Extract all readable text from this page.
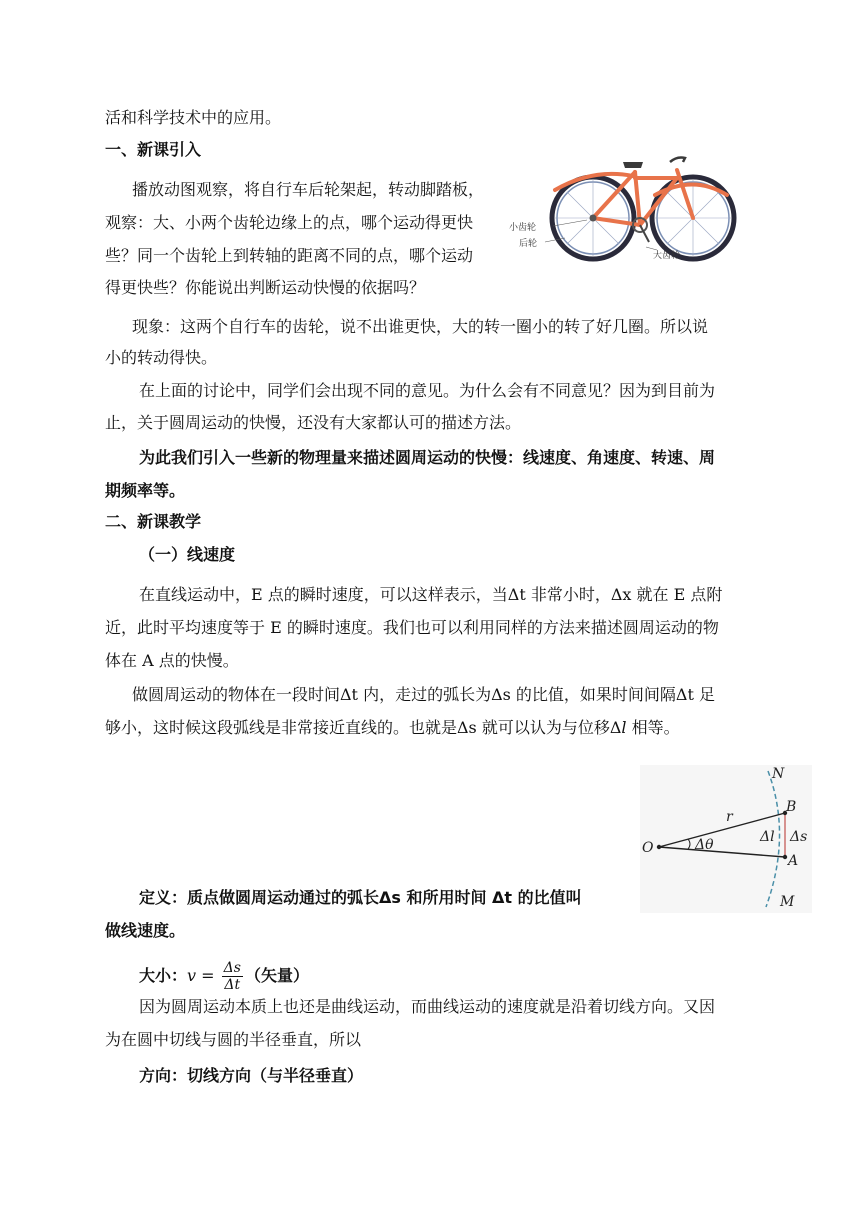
活和科学技术中的应用。
一、新课引入
播放动图观察，将自行车后轮架起，转动脚踏板，
观察：大、小两个齿轮边缘上的点，哪个运动得更快
些？同一个齿轮上到转轴的距离不同的点，哪个运动
得更快些？你能说出判断运动快慢的依据吗？
小齿轮
后轮
大齿轮
现象：这两个自行车的齿轮，说不出谁更快，大的转一圈小的转了好几圈。所以说
小的转动得快。
在上面的讨论中，同学们会出现不同的意见。为什么会有不同意见？因为到目前为
止，关于圆周运动的快慢，还没有大家都认可的描述方法。
为此我们引入一些新的物理量来描述圆周运动的快慢：线速度、角速度、转速、周
期频率等。
二、新课教学
（一）线速度
在直线运动中，E 点的瞬时速度，可以这样表示，当Δt 非常小时，Δx 就在 E 点附
近，此时平均速度等于 E 的瞬时速度。我们也可以利用同样的方法来描述圆周运动的物
体在 A 点的快慢。
做圆周运动的物体在一段时间Δt 内，走过的弧长为Δs 的比值，如果时间间隔Δt 足
够小，这时候这段弧线是非常接近直线的。也就是Δs 就可以认为与位移Δl 相等。
O
B
A
N
M
r
Δθ	Δl Δs
定义：质点做圆周运动通过的弧长Δs 和所用时间 Δt 的比值叫
做线速度。
大小：$v = \frac{\Delta s}{\Delta t}$ （矢量）
因为圆周运动本质上也还是曲线运动，而曲线运动的速度就是沿着切线方向。又因
为在圆中切线与圆的半径垂直，所以
方向：切线方向（与半径垂直）
